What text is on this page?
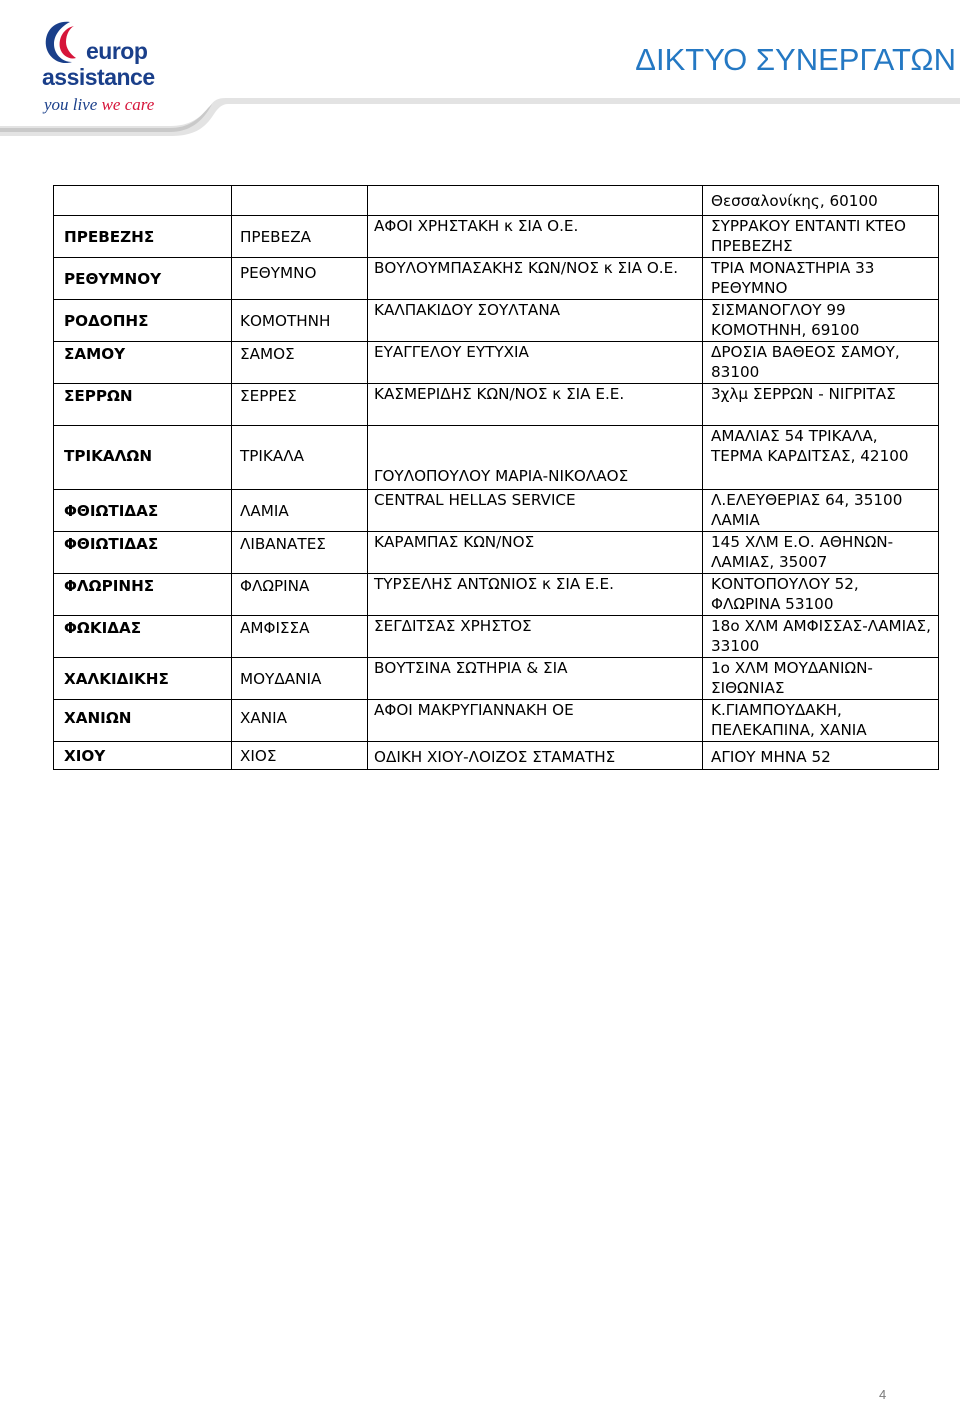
europ
assistance
you live we care
ΔΙΚΤΥΟ ΣΥΝΕΡΓΑΤΩΝ
			Θεσσαλονίκης, 60100
ΠΡΕΒΕΖΗΣ	ΠΡΕΒΕΖΑ	ΑΦΟΙ ΧΡΗΣΤΑΚΗ κ ΣΙΑ Ο.Ε.	ΣΥΡΡΑΚΟΥ ΕΝΤΑΝΤΙ ΚΤΕΟ ΠΡΕΒΕΖΗΣ
ΡΕΘΥΜΝΟΥ	ΡΕΘΥΜΝΟ	ΒΟΥΛΟΥΜΠΑΣΑΚΗΣ ΚΩΝ/ΝΟΣ κ ΣΙΑ Ο.Ε.	ΤΡΙΑ ΜΟΝΑΣΤΗΡΙΑ 33 ΡΕΘΥΜΝΟ
ΡΟΔΟΠΗΣ	ΚΟΜΟΤΗΝΗ	ΚΑΛΠΑΚΙΔΟΥ ΣΟΥΛΤΑΝΑ	ΣΙΣΜΑΝΟΓΛΟΥ 99 ΚΟΜΟΤΗΝΗ, 69100
ΣΑΜΟΥ	ΣΑΜΟΣ	ΕΥΑΓΓΕΛΟΥ ΕΥΤΥΧΙΑ	ΔΡΟΣΙΑ ΒΑΘΕΟΣ ΣΑΜΟΥ, 83100
ΣΕΡΡΩΝ	ΣΕΡΡΕΣ	ΚΑΣΜΕΡΙΔΗΣ ΚΩΝ/ΝΟΣ κ ΣΙΑ Ε.Ε.	3χλμ ΣΕΡΡΩΝ - ΝΙΓΡΙΤΑΣ
ΤΡΙΚΑΛΩΝ	ΤΡΙΚΑΛΑ	ΓΟΥΛΟΠΟΥΛΟΥ ΜΑΡΙΑ-ΝΙΚΟΛΑΟΣ	ΑΜΑΛΙΑΣ 54 ΤΡΙΚΑΛΑ, ΤΕΡΜΑ ΚΑΡΔΙΤΣΑΣ, 42100
ΦΘΙΩΤΙΔΑΣ	ΛΑΜΙΑ	CENTRAL HELLAS SERVICE	Λ.ΕΛΕΥΘΕΡΙΑΣ 64, 35100 ΛΑΜΙΑ
ΦΘΙΩΤΙΔΑΣ	ΛΙΒΑΝΑΤΕΣ	ΚΑΡΑΜΠΑΣ ΚΩΝ/ΝΟΣ	145 ΧΛΜ Ε.Ο. ΑΘΗΝΩΝ-ΛΑΜΙΑΣ, 35007
ΦΛΩΡΙΝΗΣ	ΦΛΩΡΙΝΑ	ΤΥΡΣΕΛΗΣ ΑΝΤΩΝΙΟΣ κ ΣΙΑ Ε.Ε.	ΚΟΝΤΟΠΟΥΛΟΥ 52, ΦΛΩΡΙΝΑ 53100
ΦΩΚΙΔΑΣ	ΑΜΦΙΣΣΑ	ΣΕΓΔΙΤΣΑΣ ΧΡΗΣΤΟΣ	18ο ΧΛΜ ΑΜΦΙΣΣΑΣ-ΛΑΜΙΑΣ, 33100
ΧΑΛΚΙΔΙΚΗΣ	ΜΟΥΔΑΝΙΑ	ΒΟΥΤΣΙΝΑ ΣΩΤΗΡΙΑ & ΣΙΑ	1ο ΧΛΜ ΜΟΥΔΑΝΙΩΝ-ΣΙΘΩΝΙΑΣ
ΧΑΝΙΩΝ	ΧΑΝΙΑ	ΑΦΟΙ ΜΑΚΡΥΓΙΑΝΝΑΚΗ ΟΕ	Κ.ΓΙΑΜΠΟΥΔΑΚΗ, ΠΕΛΕΚΑΠΙΝΑ, ΧΑΝΙΑ
ΧΙΟΥ	ΧΙΟΣ	ΟΔΙΚΗ ΧΙΟΥ-ΛΟΙΖΟΣ ΣΤΑΜΑΤΗΣ	ΑΓΙΟΥ ΜΗΝΑ 52
4
